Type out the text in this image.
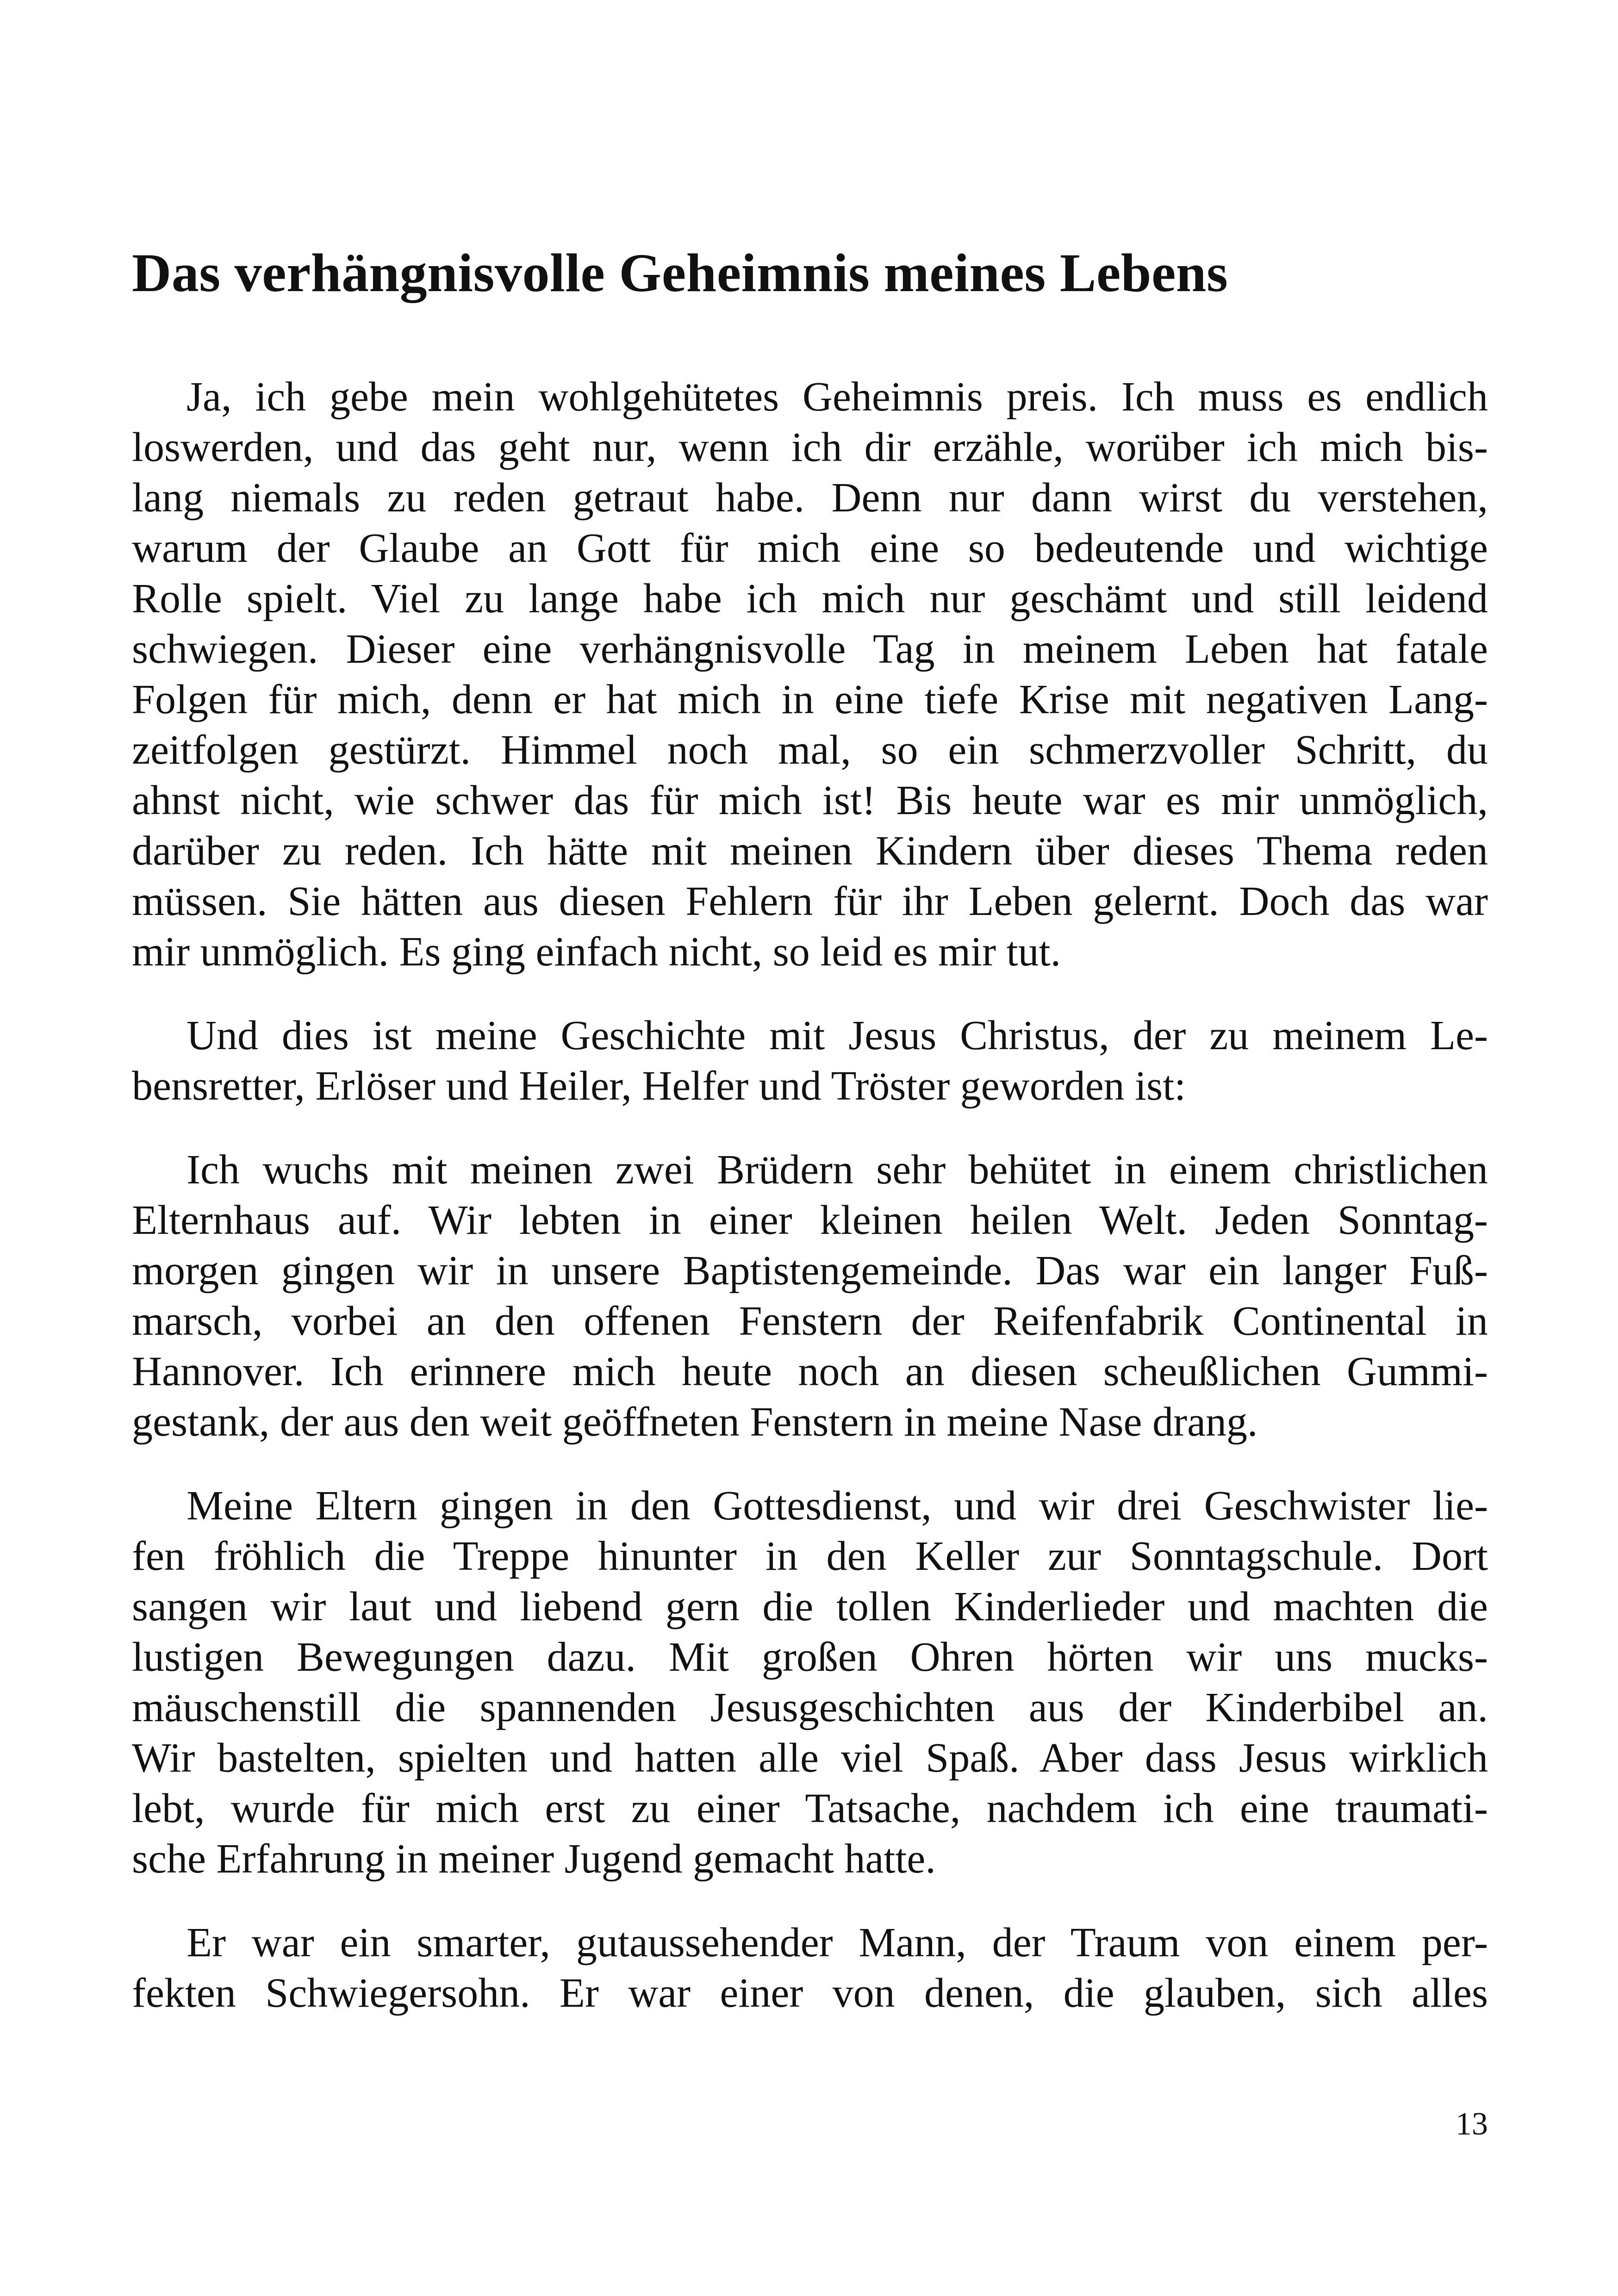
Das verhängnisvolle Geheimnis meines Lebens
Ja, ich gebe mein wohlgehütetes Geheimnis preis. Ich muss es endlich
loswerden, und das geht nur, wenn ich dir erzähle, worüber ich mich bis-
lang niemals zu reden getraut habe. Denn nur dann wirst du verstehen,
warum der Glaube an Gott für mich eine so bedeutende und wichtige
Rolle spielt. Viel zu lange habe ich mich nur geschämt und still leidend
schwiegen. Dieser eine verhängnisvolle Tag in meinem Leben hat fatale
Folgen für mich, denn er hat mich in eine tiefe Krise mit negativen Lang-
zeitfolgen gestürzt. Himmel noch mal, so ein schmerzvoller Schritt, du
ahnst nicht, wie schwer das für mich ist! Bis heute war es mir unmöglich,
darüber zu reden. Ich hätte mit meinen Kindern über dieses Thema reden
müssen. Sie hätten aus diesen Fehlern für ihr Leben gelernt. Doch das war
mir unmöglich. Es ging einfach nicht, so leid es mir tut.
Und dies ist meine Geschichte mit Jesus Christus, der zu meinem Le-
bensretter, Erlöser und Heiler, Helfer und Tröster geworden ist:
Ich wuchs mit meinen zwei Brüdern sehr behütet in einem christlichen
Elternhaus auf. Wir lebten in einer kleinen heilen Welt. Jeden Sonntag-
morgen gingen wir in unsere Baptistengemeinde. Das war ein langer Fuß-
marsch, vorbei an den offenen Fenstern der Reifenfabrik Continental in
Hannover. Ich erinnere mich heute noch an diesen scheußlichen Gummi-
gestank, der aus den weit geöffneten Fenstern in meine Nase drang.
Meine Eltern gingen in den Gottesdienst, und wir drei Geschwister lie-
fen fröhlich die Treppe hinunter in den Keller zur Sonntagschule. Dort
sangen wir laut und liebend gern die tollen Kinderlieder und machten die
lustigen Bewegungen dazu. Mit großen Ohren hörten wir uns mucks-
mäuschenstill die spannenden Jesusgeschichten aus der Kinderbibel an.
Wir bastelten, spielten und hatten alle viel Spaß. Aber dass Jesus wirklich
lebt, wurde für mich erst zu einer Tatsache, nachdem ich eine traumati-
sche Erfahrung in meiner Jugend gemacht hatte.
Er war ein smarter, gutaussehender Mann, der Traum von einem per-
fekten Schwiegersohn. Er war einer von denen, die glauben, sich alles
13
